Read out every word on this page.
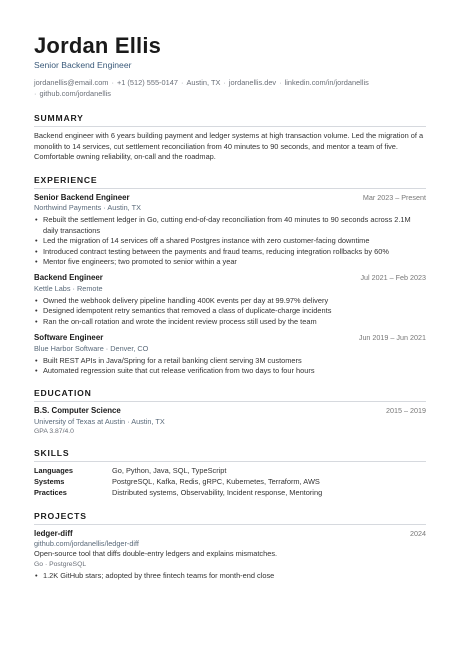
Jordan Ellis
Senior Backend Engineer
jordanellis@email.com · +1 (512) 555-0147 · Austin, TX · jordanellis.dev · linkedin.com/in/jordanellis
· github.com/jordanellis
SUMMARY
Backend engineer with 6 years building payment and ledger systems at high transaction volume. Led the migration of a monolith to 14 services, cut settlement reconciliation from 40 minutes to 90 seconds, and mentor a team of five. Comfortable owning reliability, on-call and the roadmap.
EXPERIENCE
Senior Backend Engineer	Mar 2023 – Present
Northwind Payments · Austin, TX
• Rebuilt the settlement ledger in Go, cutting end-of-day reconciliation from 40 minutes to 90 seconds across 2.1M daily transactions
• Led the migration of 14 services off a shared Postgres instance with zero customer-facing downtime
• Introduced contract testing between the payments and fraud teams, reducing integration rollbacks by 60%
• Mentor five engineers; two promoted to senior within a year
Backend Engineer	Jul 2021 – Feb 2023
Kettle Labs · Remote
• Owned the webhook delivery pipeline handling 400K events per day at 99.97% delivery
• Designed idempotent retry semantics that removed a class of duplicate-charge incidents
• Ran the on-call rotation and wrote the incident review process still used by the team
Software Engineer	Jun 2019 – Jun 2021
Blue Harbor Software · Denver, CO
• Built REST APIs in Java/Spring for a retail banking client serving 3M customers
• Automated regression suite that cut release verification from two days to four hours
EDUCATION
B.S. Computer Science	2015 – 2019
University of Texas at Austin · Austin, TX
GPA 3.87/4.0
SKILLS
Languages	Go, Python, Java, SQL, TypeScript
Systems	PostgreSQL, Kafka, Redis, gRPC, Kubernetes, Terraform, AWS
Practices	Distributed systems, Observability, Incident response, Mentoring
PROJECTS
ledger-diff	2024
github.com/jordanellis/ledger-diff
Open-source tool that diffs double-entry ledgers and explains mismatches.
Go · PostgreSQL
• 1.2K GitHub stars; adopted by three fintech teams for month-end close
